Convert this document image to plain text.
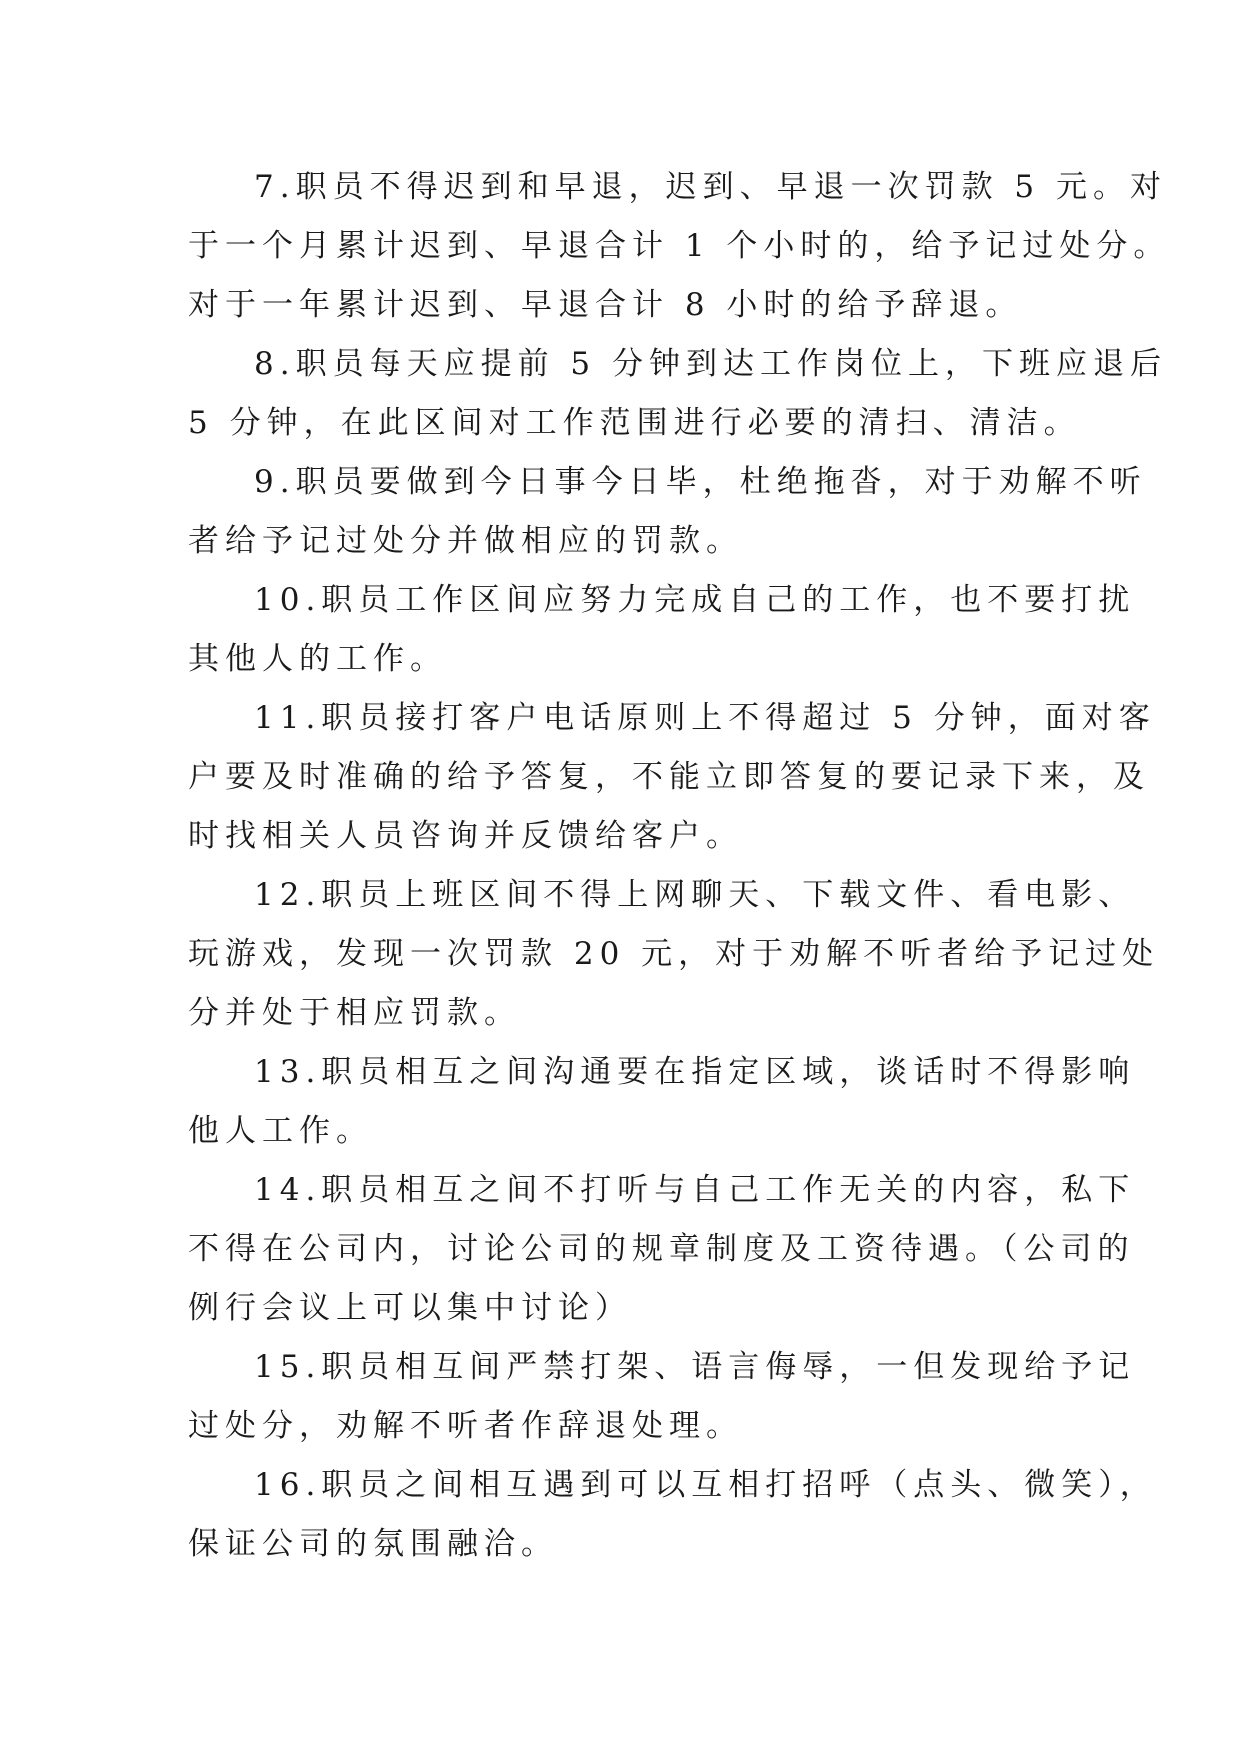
7.职员不得迟到和早退，迟到、早退一次罚款 5 元。对

于一个月累计迟到、早退合计 1 个小时的，给予记过处分。

对于一年累计迟到、早退合计 8 小时的给予辞退。

8.职员每天应提前 5 分钟到达工作岗位上，下班应退后

5 分钟，在此区间对工作范围进行必要的清扫、清洁。

9.职员要做到今日事今日毕，杜绝拖沓，对于劝解不听

者给予记过处分并做相应的罚款。

10.职员工作区间应努力完成自己的工作，也不要打扰

其他人的工作。

11.职员接打客户电话原则上不得超过 5 分钟，面对客

户要及时准确的给予答复，不能立即答复的要记录下来，及

时找相关人员咨询并反馈给客户。

12.职员上班区间不得上网聊天、下载文件、看电影、

玩游戏，发现一次罚款 20 元，对于劝解不听者给予记过处

分并处于相应罚款。

13.职员相互之间沟通要在指定区域，谈话时不得影响

他人工作。

14.职员相互之间不打听与自己工作无关的内容，私下

不得在公司内，讨论公司的规章制度及工资待遇。（公司的

例行会议上可以集中讨论）

15.职员相互间严禁打架、语言侮辱，一但发现给予记

过处分，劝解不听者作辞退处理。

16.职员之间相互遇到可以互相打招呼（点头、微笑），

保证公司的氛围融洽。
